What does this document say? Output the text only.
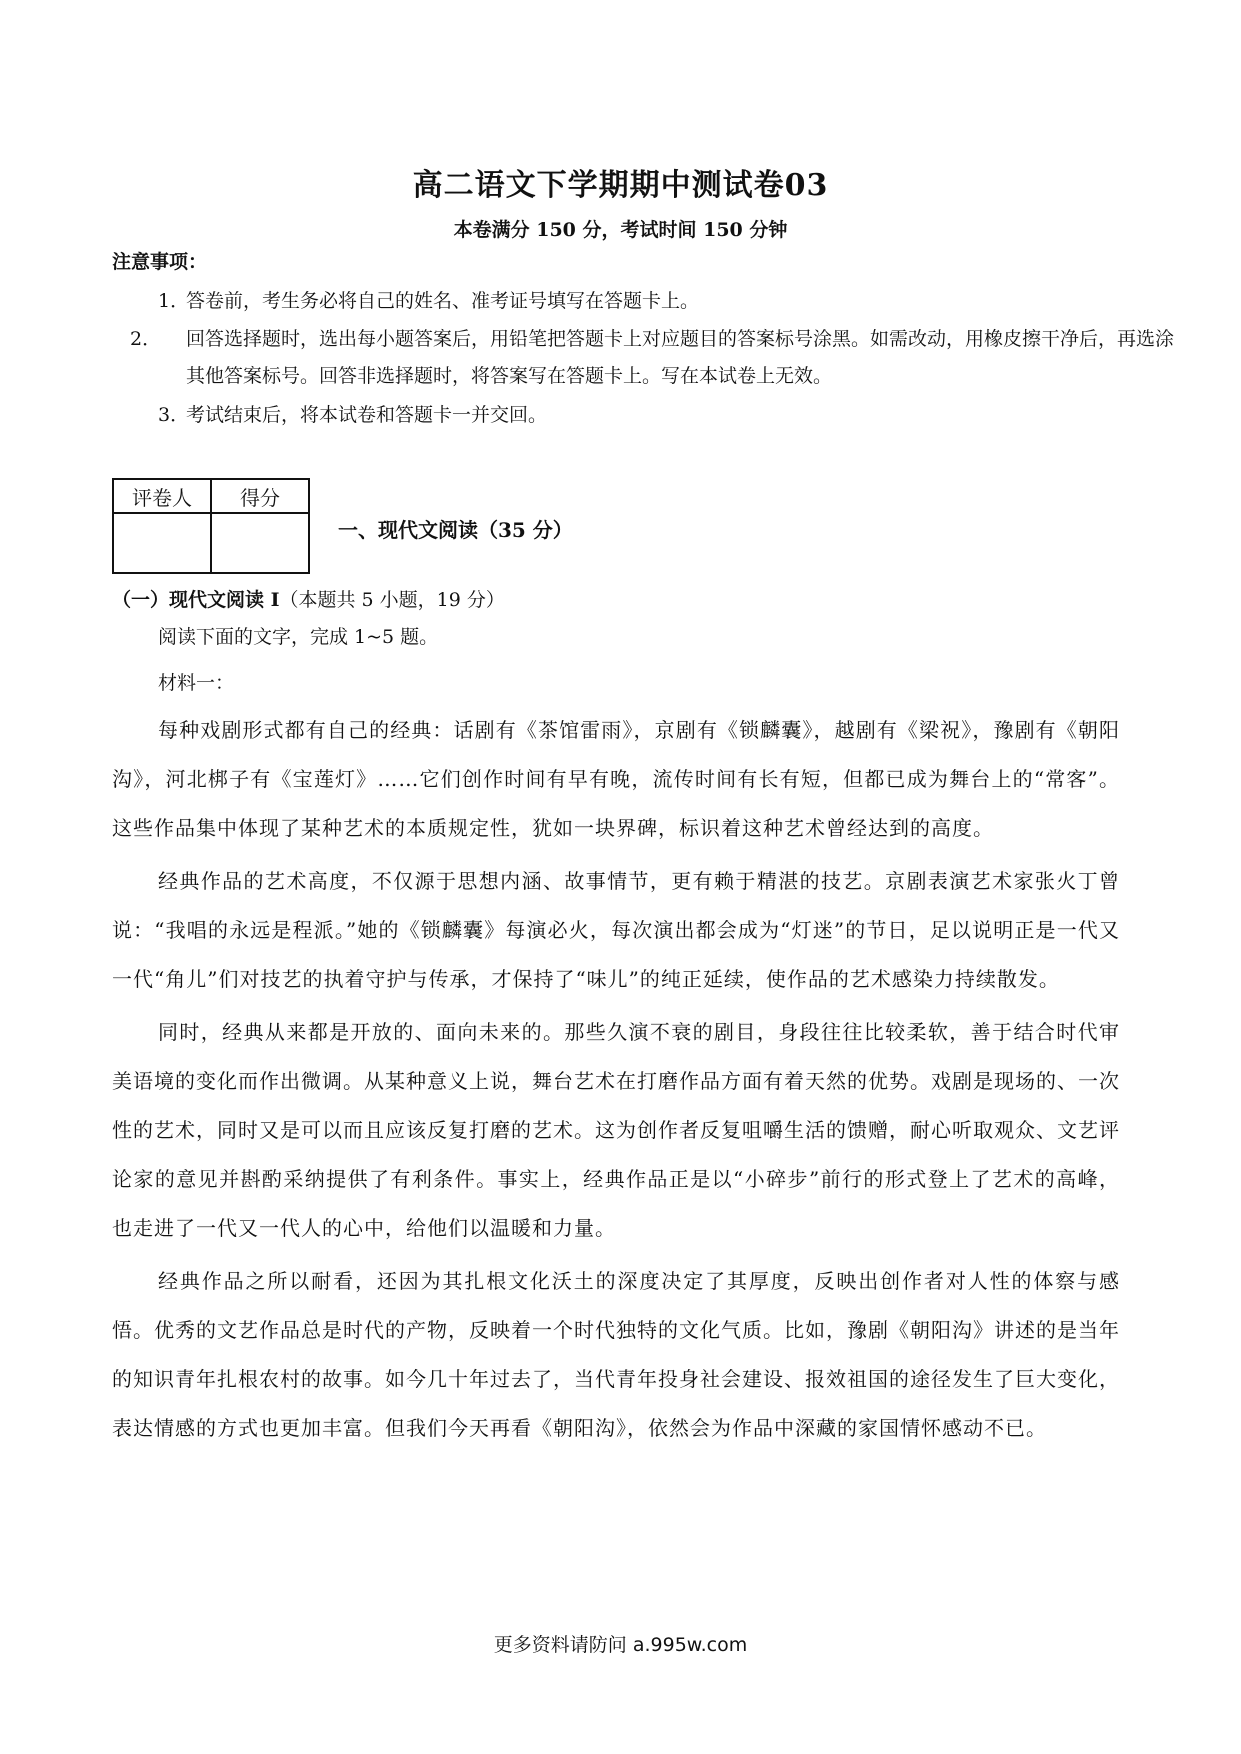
高二语文下学期期中测试卷03
本卷满分 150 分，考试时间 150 分钟
注意事项：
1．答卷前，考生务必将自己的姓名、准考证号填写在答题卡上。
2． 回答选择题时，选出每小题答案后，用铅笔把答题卡上对应题目的答案标号涂黑。如需改动，用橡皮擦干净后，再选涂其他答案标号。回答非选择题时，将答案写在答题卡上。写在本试卷上无效。
3．考试结束后，将本试卷和答题卡一并交回。
评卷人	得分

一、现代文阅读（35 分）
（一）现代文阅读 I（本题共 5 小题，19 分）
阅读下面的文字，完成 1~5 题。
材料一：

每种戏剧形式都有自己的经典：话剧有《茶馆雷雨》，京剧有《锁麟囊》，越剧有《梁祝》，豫剧有《朝阳沟》，河北梆子有《宝莲灯》……它们创作时间有早有晚，流传时间有长有短，但都已成为舞台上的“常客”。这些作品集中体现了某种艺术的本质规定性，犹如一块界碑，标识着这种艺术曾经达到的高度。

经典作品的艺术高度，不仅源于思想内涵、故事情节，更有赖于精湛的技艺。京剧表演艺术家张火丁曾说：“我唱的永远是程派。”她的《锁麟囊》每演必火，每次演出都会成为“灯迷”的节日，足以说明正是一代又一代“角儿”们对技艺的执着守护与传承，才保持了“味儿”的纯正延续，使作品的艺术感染力持续散发。

同时，经典从来都是开放的、面向未来的。那些久演不衰的剧目，身段往往比较柔软，善于结合时代审美语境的变化而作出微调。从某种意义上说，舞台艺术在打磨作品方面有着天然的优势。戏剧是现场的、一次性的艺术，同时又是可以而且应该反复打磨的艺术。这为创作者反复咀嚼生活的馈赠，耐心听取观众、文艺评论家的意见并斟酌采纳提供了有利条件。事实上，经典作品正是以“小碎步”前行的形式登上了艺术的高峰，也走进了一代又一代人的心中，给他们以温暖和力量。

经典作品之所以耐看，还因为其扎根文化沃土的深度决定了其厚度，反映出创作者对人性的体察与感悟。优秀的文艺作品总是时代的产物，反映着一个时代独特的文化气质。比如，豫剧《朝阳沟》讲述的是当年的知识青年扎根农村的故事。如今几十年过去了，当代青年投身社会建设、报效祖国的途径发生了巨大变化，表达情感的方式也更加丰富。但我们今天再看《朝阳沟》，依然会为作品中深藏的家国情怀感动不已。

更多资料请防问 a.995w.com
